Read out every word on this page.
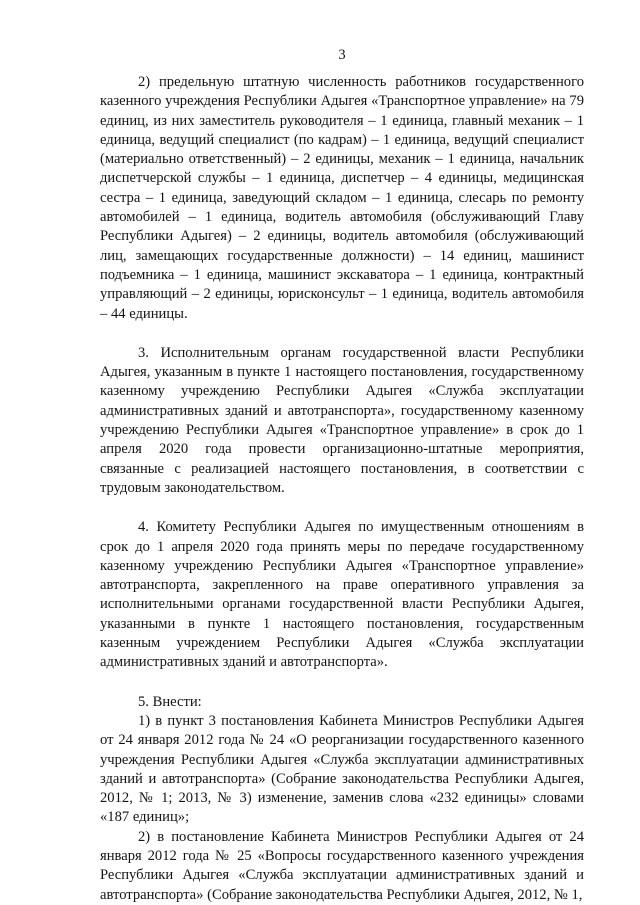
3

2) предельную штатную численность работников государственного казенного учреждения Республики Адыгея «Транспортное управление» на 79 единиц, из них заместитель руководителя – 1 единица, главный механик – 1 единица, ведущий специалист (по кадрам) – 1 единица, ведущий специалист (материально ответственный) – 2 единицы, механик – 1 единица, начальник диспетчерской службы – 1 единица, диспетчер – 4 единицы, медицинская сестра – 1 единица, заведующий складом – 1 единица, слесарь по ремонту автомобилей – 1 единица, водитель автомобиля (обслуживающий Главу Республики Адыгея) – 2 единицы, водитель автомобиля (обслуживающий лиц, замещающих государственные должности) – 14 единиц, машинист подъемника – 1 единица, машинист экскаватора – 1 единица, контрактный управляющий – 2 единицы, юрисконсульт – 1 единица, водитель автомобиля – 44 единицы.

3. Исполнительным органам государственной власти Республики Адыгея, указанным в пункте 1 настоящего постановления, государственному казенному учреждению Республики Адыгея «Служба эксплуатации административных зданий и автотранспорта», государственному казенному учреждению Республики Адыгея «Транспортное управление» в срок до 1 апреля 2020 года провести организационно-штатные мероприятия, связанные с реализацией настоящего постановления, в соответствии с трудовым законодательством.

4. Комитету Республики Адыгея по имущественным отношениям в срок до 1 апреля 2020 года принять меры по передаче государственному казенному учреждению Республики Адыгея «Транспортное управление» автотранспорта, закрепленного на праве оперативного управления за исполнительными органами государственной власти Республики Адыгея, указанными в пункте 1 настоящего постановления, государственным казенным учреждением Республики Адыгея «Служба эксплуатации административных зданий и автотранспорта».

5. Внести:

1) в пункт 3 постановления Кабинета Министров Республики Адыгея от 24 января 2012 года № 24 «О реорганизации государственного казенного учреждения Республики Адыгея «Служба эксплуатации административных зданий и автотранспорта» (Собрание законодательства Республики Адыгея, 2012, № 1; 2013, № 3) изменение, заменив слова «232 единицы» словами «187 единиц»;

2) в постановление Кабинета Министров Республики Адыгея от 24 января 2012 года № 25 «Вопросы государственного казенного учреждения Республики Адыгея «Служба эксплуатации административных зданий и автотранспорта» (Собрание законодательства Республики Адыгея, 2012, № 1,
